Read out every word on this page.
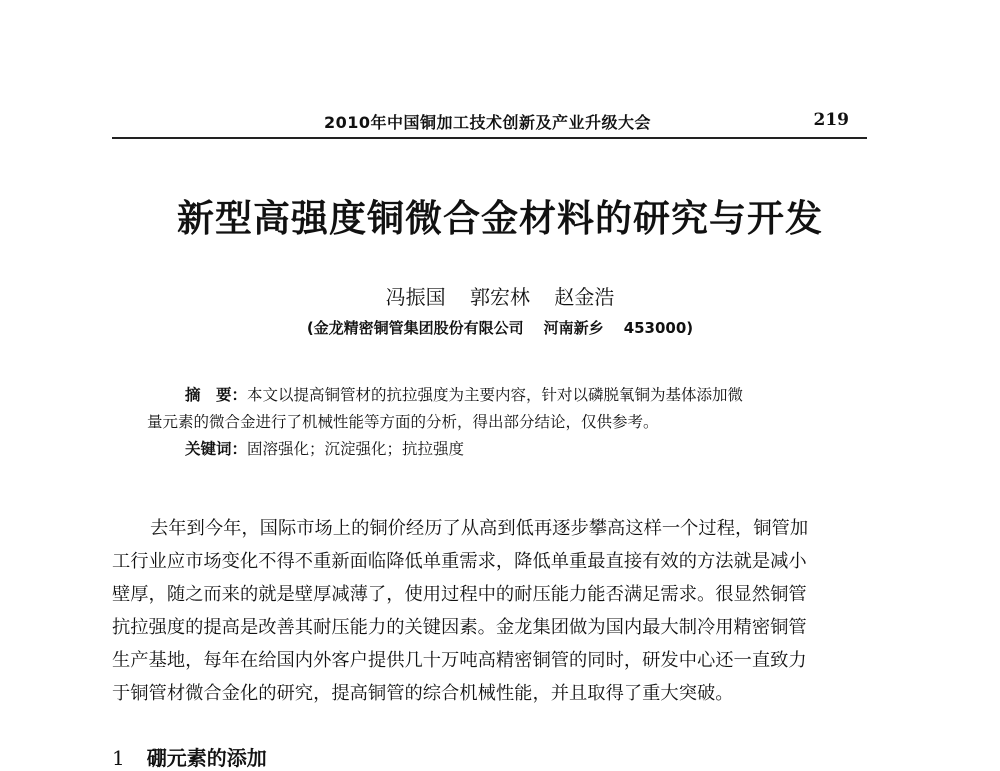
2010年中国铜加工技术创新及产业升级大会	219
新型高强度铜微合金材料的研究与开发
冯振国 郭宏林 赵金浩
(金龙精密铜管集团股份有限公司 河南新乡 453000)
摘　要：本文以提高铜管材的抗拉强度为主要内容，针对以磷脱氧铜为基体添加微
量元素的微合金进行了机械性能等方面的分析，得出部分结论，仅供参考。
关键词：固溶强化；沉淀强化；抗拉强度
去年到今年，国际市场上的铜价经历了从高到低再逐步攀高这样一个过程，铜管加
工行业应市场变化不得不重新面临降低单重需求，降低单重最直接有效的方法就是减小
壁厚，随之而来的就是壁厚减薄了，使用过程中的耐压能力能否满足需求。很显然铜管
抗拉强度的提高是改善其耐压能力的关键因素。金龙集团做为国内最大制冷用精密铜管
生产基地，每年在给国内外客户提供几十万吨高精密铜管的同时，研发中心还一直致力
于铜管材微合金化的研究，提高铜管的综合机械性能，并且取得了重大突破。
1 硼元素的添加
